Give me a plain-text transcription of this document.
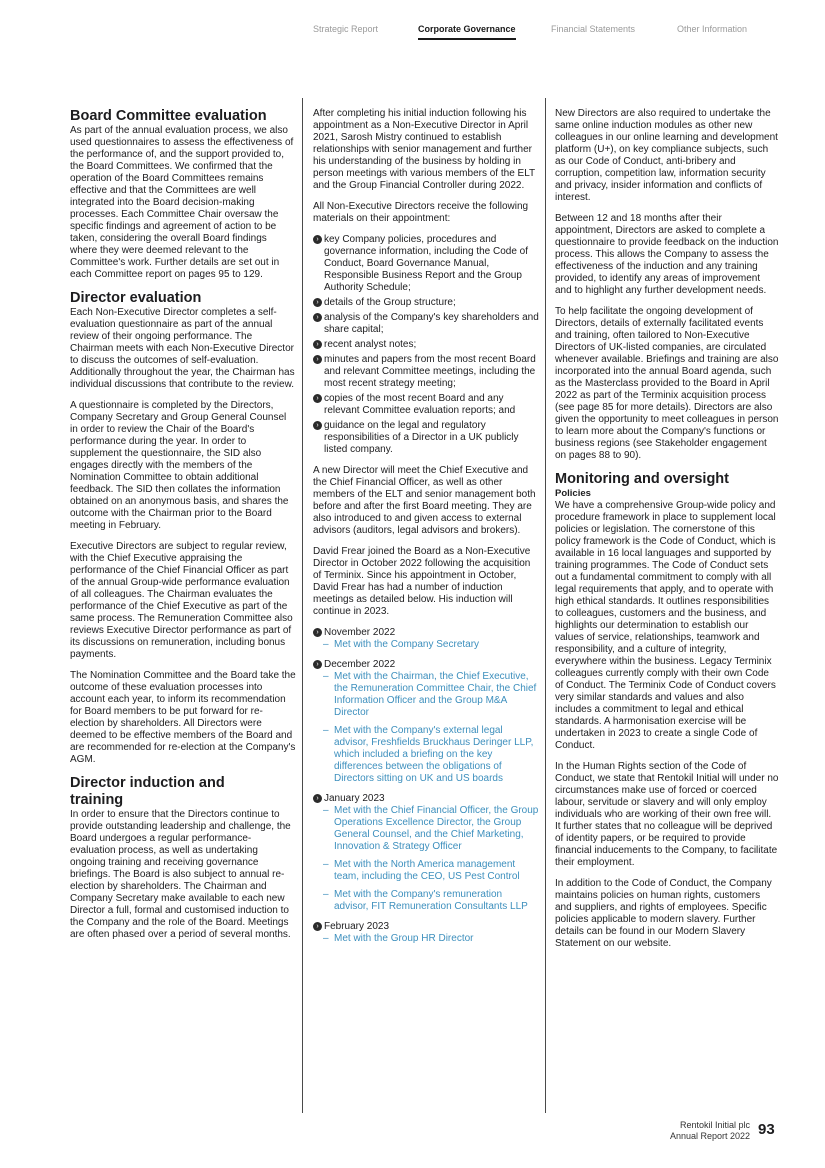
Strategic Report	Corporate Governance	Financial Statements	Other Information
Board Committee evaluation

As part of the annual evaluation process, we also used questionnaires to assess the effectiveness of the performance of, and the support provided to, the Board Committees. We confirmed that the operation of the Board Committees remains effective and that the Committees are well integrated into the Board decision-making processes. Each Committee Chair oversaw the specific findings and agreement of action to be taken, considering the overall Board findings where they were deemed relevant to the Committee's work. Further details are set out in each Committee report on pages 95 to 129.

Director evaluation

Each Non-Executive Director completes a self-evaluation questionnaire as part of the annual review of their ongoing performance. The Chairman meets with each Non-Executive Director to discuss the outcomes of self-evaluation. Additionally throughout the year, the Chairman has individual discussions that contribute to the review.

A questionnaire is completed by the Directors, Company Secretary and Group General Counsel in order to review the Chair of the Board's performance during the year. In order to supplement the questionnaire, the SID also engages directly with the members of the Nomination Committee to obtain additional feedback. The SID then collates the information obtained on an anonymous basis, and shares the outcome with the Chairman prior to the Board meeting in February.

Executive Directors are subject to regular review, with the Chief Executive appraising the performance of the Chief Financial Officer as part of the annual Group-wide performance evaluation of all colleagues. The Chairman evaluates the performance of the Chief Executive as part of the same process. The Remuneration Committee also reviews Executive Director performance as part of its discussions on remuneration, including bonus payments.

The Nomination Committee and the Board take the outcome of these evaluation processes into account each year, to inform its recommendation for Board members to be put forward for re-election by shareholders. All Directors were deemed to be effective members of the Board and are recommended for re-election at the Company's AGM.

Director induction and training

In order to ensure that the Directors continue to provide outstanding leadership and challenge, the Board undergoes a regular performance-evaluation process, as well as undertaking ongoing training and receiving governance briefings. The Board is also subject to annual re-election by shareholders. The Chairman and Company Secretary make available to each new Director a full, formal and customised induction to the Company and the role of the Board. Meetings are often phased over a period of several months.

After completing his initial induction following his appointment as a Non-Executive Director in April 2021, Sarosh Mistry continued to establish relationships with senior management and further his understanding of the business by holding in person meetings with various members of the ELT and the Group Financial Controller during 2022.

All Non-Executive Directors receive the following materials on their appointment:

› key Company policies, procedures and governance information, including the Code of Conduct, Board Governance Manual, Responsible Business Report and the Group Authority Schedule;
› details of the Group structure;
› analysis of the Company's key shareholders and share capital;
› recent analyst notes;
› minutes and papers from the most recent Board and relevant Committee meetings, including the most recent strategy meeting;
› copies of the most recent Board and any relevant Committee evaluation reports; and
› guidance on the legal and regulatory responsibilities of a Director in a UK publicly listed company.

A new Director will meet the Chief Executive and the Chief Financial Officer, as well as other members of the ELT and senior management both before and after the first Board meeting. They are also introduced to and given access to external advisors (auditors, legal advisors and brokers).

David Frear joined the Board as a Non-Executive Director in October 2022 following the acquisition of Terminix. Since his appointment in October, David Frear has had a number of induction meetings as detailed below. His induction will continue in 2023.

› November 2022
– Met with the Company Secretary
› December 2022
– Met with the Chairman, the Chief Executive, the Remuneration Committee Chair, the Chief Information Officer and the Group M&A Director
– Met with the Company's external legal advisor, Freshfields Bruckhaus Deringer LLP, which included a briefing on the key differences between the obligations of Directors sitting on UK and US boards
› January 2023
– Met with the Chief Financial Officer, the Group Operations Excellence Director, the Group General Counsel, and the Chief Marketing, Innovation & Strategy Officer
– Met with the North America management team, including the CEO, US Pest Control
– Met with the Company's remuneration advisor, FIT Remuneration Consultants LLP
› February 2023
– Met with the Group HR Director

New Directors are also required to undertake the same online induction modules as other new colleagues in our online learning and development platform (U+), on key compliance subjects, such as our Code of Conduct, anti-bribery and corruption, competition law, information security and privacy, insider information and conflicts of interest.

Between 12 and 18 months after their appointment, Directors are asked to complete a questionnaire to provide feedback on the induction process. This allows the Company to assess the effectiveness of the induction and any training provided, to identify any areas of improvement and to highlight any further development needs.

To help facilitate the ongoing development of Directors, details of externally facilitated events and training, often tailored to Non-Executive Directors of UK-listed companies, are circulated whenever available. Briefings and training are also incorporated into the annual Board agenda, such as the Masterclass provided to the Board in April 2022 as part of the Terminix acquisition process (see page 85 for more details). Directors are also given the opportunity to meet colleagues in person to learn more about the Company's functions or business regions (see Stakeholder engagement on pages 88 to 90).

Monitoring and oversight
Policies

We have a comprehensive Group-wide policy and procedure framework in place to supplement local policies or legislation. The cornerstone of this policy framework is the Code of Conduct, which is available in 16 local languages and supported by training programmes. The Code of Conduct sets out a fundamental commitment to comply with all legal requirements that apply, and to operate with high ethical standards. It outlines responsibilities to colleagues, customers and the business, and highlights our determination to establish our values of service, relationships, teamwork and responsibility, and a culture of integrity, everywhere within the business. Legacy Terminix colleagues currently comply with their own Code of Conduct. The Terminix Code of Conduct covers very similar standards and values and also includes a commitment to legal and ethical standards. A harmonisation exercise will be undertaken in 2023 to create a single Code of Conduct.

In the Human Rights section of the Code of Conduct, we state that Rentokil Initial will under no circumstances make use of forced or coerced labour, servitude or slavery and will only employ individuals who are working of their own free will. It further states that no colleague will be deprived of identity papers, or be required to provide financial inducements to the Company, to facilitate their employment.

In addition to the Code of Conduct, the Company maintains policies on human rights, customers and suppliers, and rights of employees. Specific policies applicable to modern slavery. Further details can be found in our Modern Slavery Statement on our website.

Rentokil Initial plc
Annual Report 2022 93
